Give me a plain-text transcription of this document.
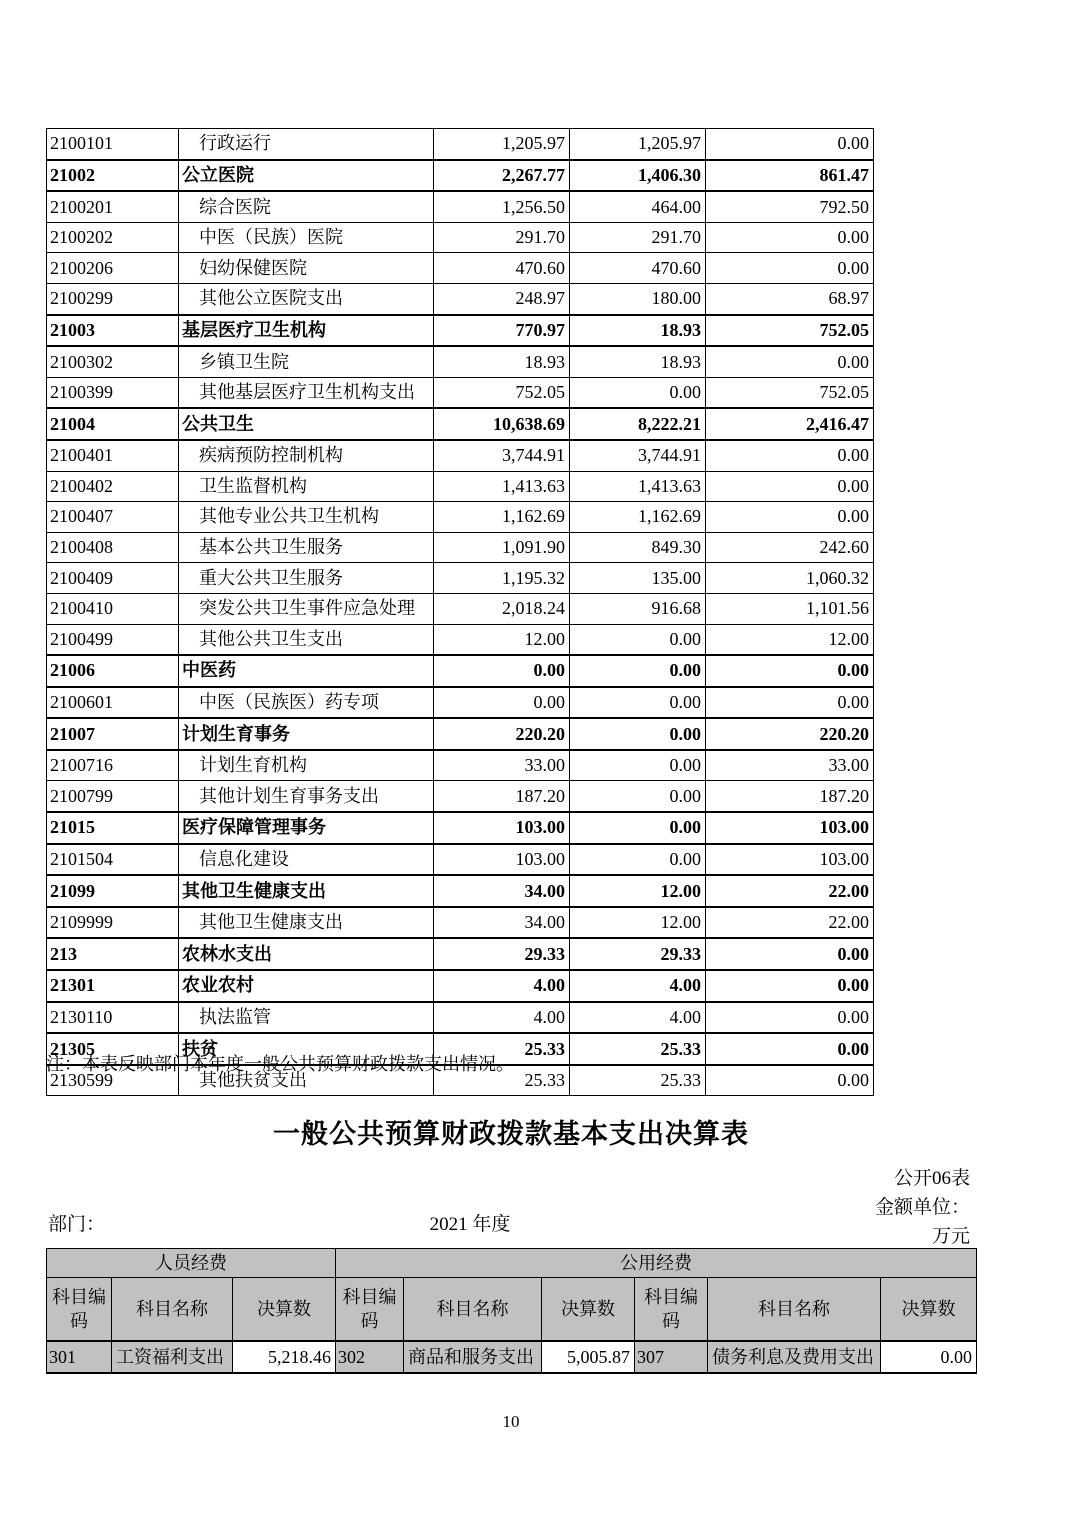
2100101	行政运行	1,205.97	1,205.97	0.00
21002	公立医院	2,267.77	1,406.30	861.47
2100201	综合医院	1,256.50	464.00	792.50
2100202	中医（民族）医院	291.70	291.70	0.00
2100206	妇幼保健医院	470.60	470.60	0.00
2100299	其他公立医院支出	248.97	180.00	68.97
21003	基层医疗卫生机构	770.97	18.93	752.05
2100302	乡镇卫生院	18.93	18.93	0.00
2100399	其他基层医疗卫生机构支出	752.05	0.00	752.05
21004	公共卫生	10,638.69	8,222.21	2,416.47
2100401	疾病预防控制机构	3,744.91	3,744.91	0.00
2100402	卫生监督机构	1,413.63	1,413.63	0.00
2100407	其他专业公共卫生机构	1,162.69	1,162.69	0.00
2100408	基本公共卫生服务	1,091.90	849.30	242.60
2100409	重大公共卫生服务	1,195.32	135.00	1,060.32
2100410	突发公共卫生事件应急处理	2,018.24	916.68	1,101.56
2100499	其他公共卫生支出	12.00	0.00	12.00
21006	中医药	0.00	0.00	0.00
2100601	中医（民族医）药专项	0.00	0.00	0.00
21007	计划生育事务	220.20	0.00	220.20
2100716	计划生育机构	33.00	0.00	33.00
2100799	其他计划生育事务支出	187.20	0.00	187.20
21015	医疗保障管理事务	103.00	0.00	103.00
2101504	信息化建设	103.00	0.00	103.00
21099	其他卫生健康支出	34.00	12.00	22.00
2109999	其他卫生健康支出	34.00	12.00	22.00
213	农林水支出	29.33	29.33	0.00
21301	农业农村	4.00	4.00	0.00
2130110	执法监管	4.00	4.00	0.00
21305	扶贫	25.33	25.33	0.00
2130599	其他扶贫支出	25.33	25.33	0.00
注：本表反映部门本年度一般公共预算财政拨款支出情况。
一般公共预算财政拨款基本支出决算表
公开06表
金额单位：
万元
部门：	2021 年度
人员经费			公用经费					
科目编码	科目名称	决算数	科目编码	科目名称	决算数	科目编码	科目名称	决算数
301	工资福利支出	5,218.46	302	商品和服务支出	5,005.87	307	债务利息及费用支出	0.00
10
